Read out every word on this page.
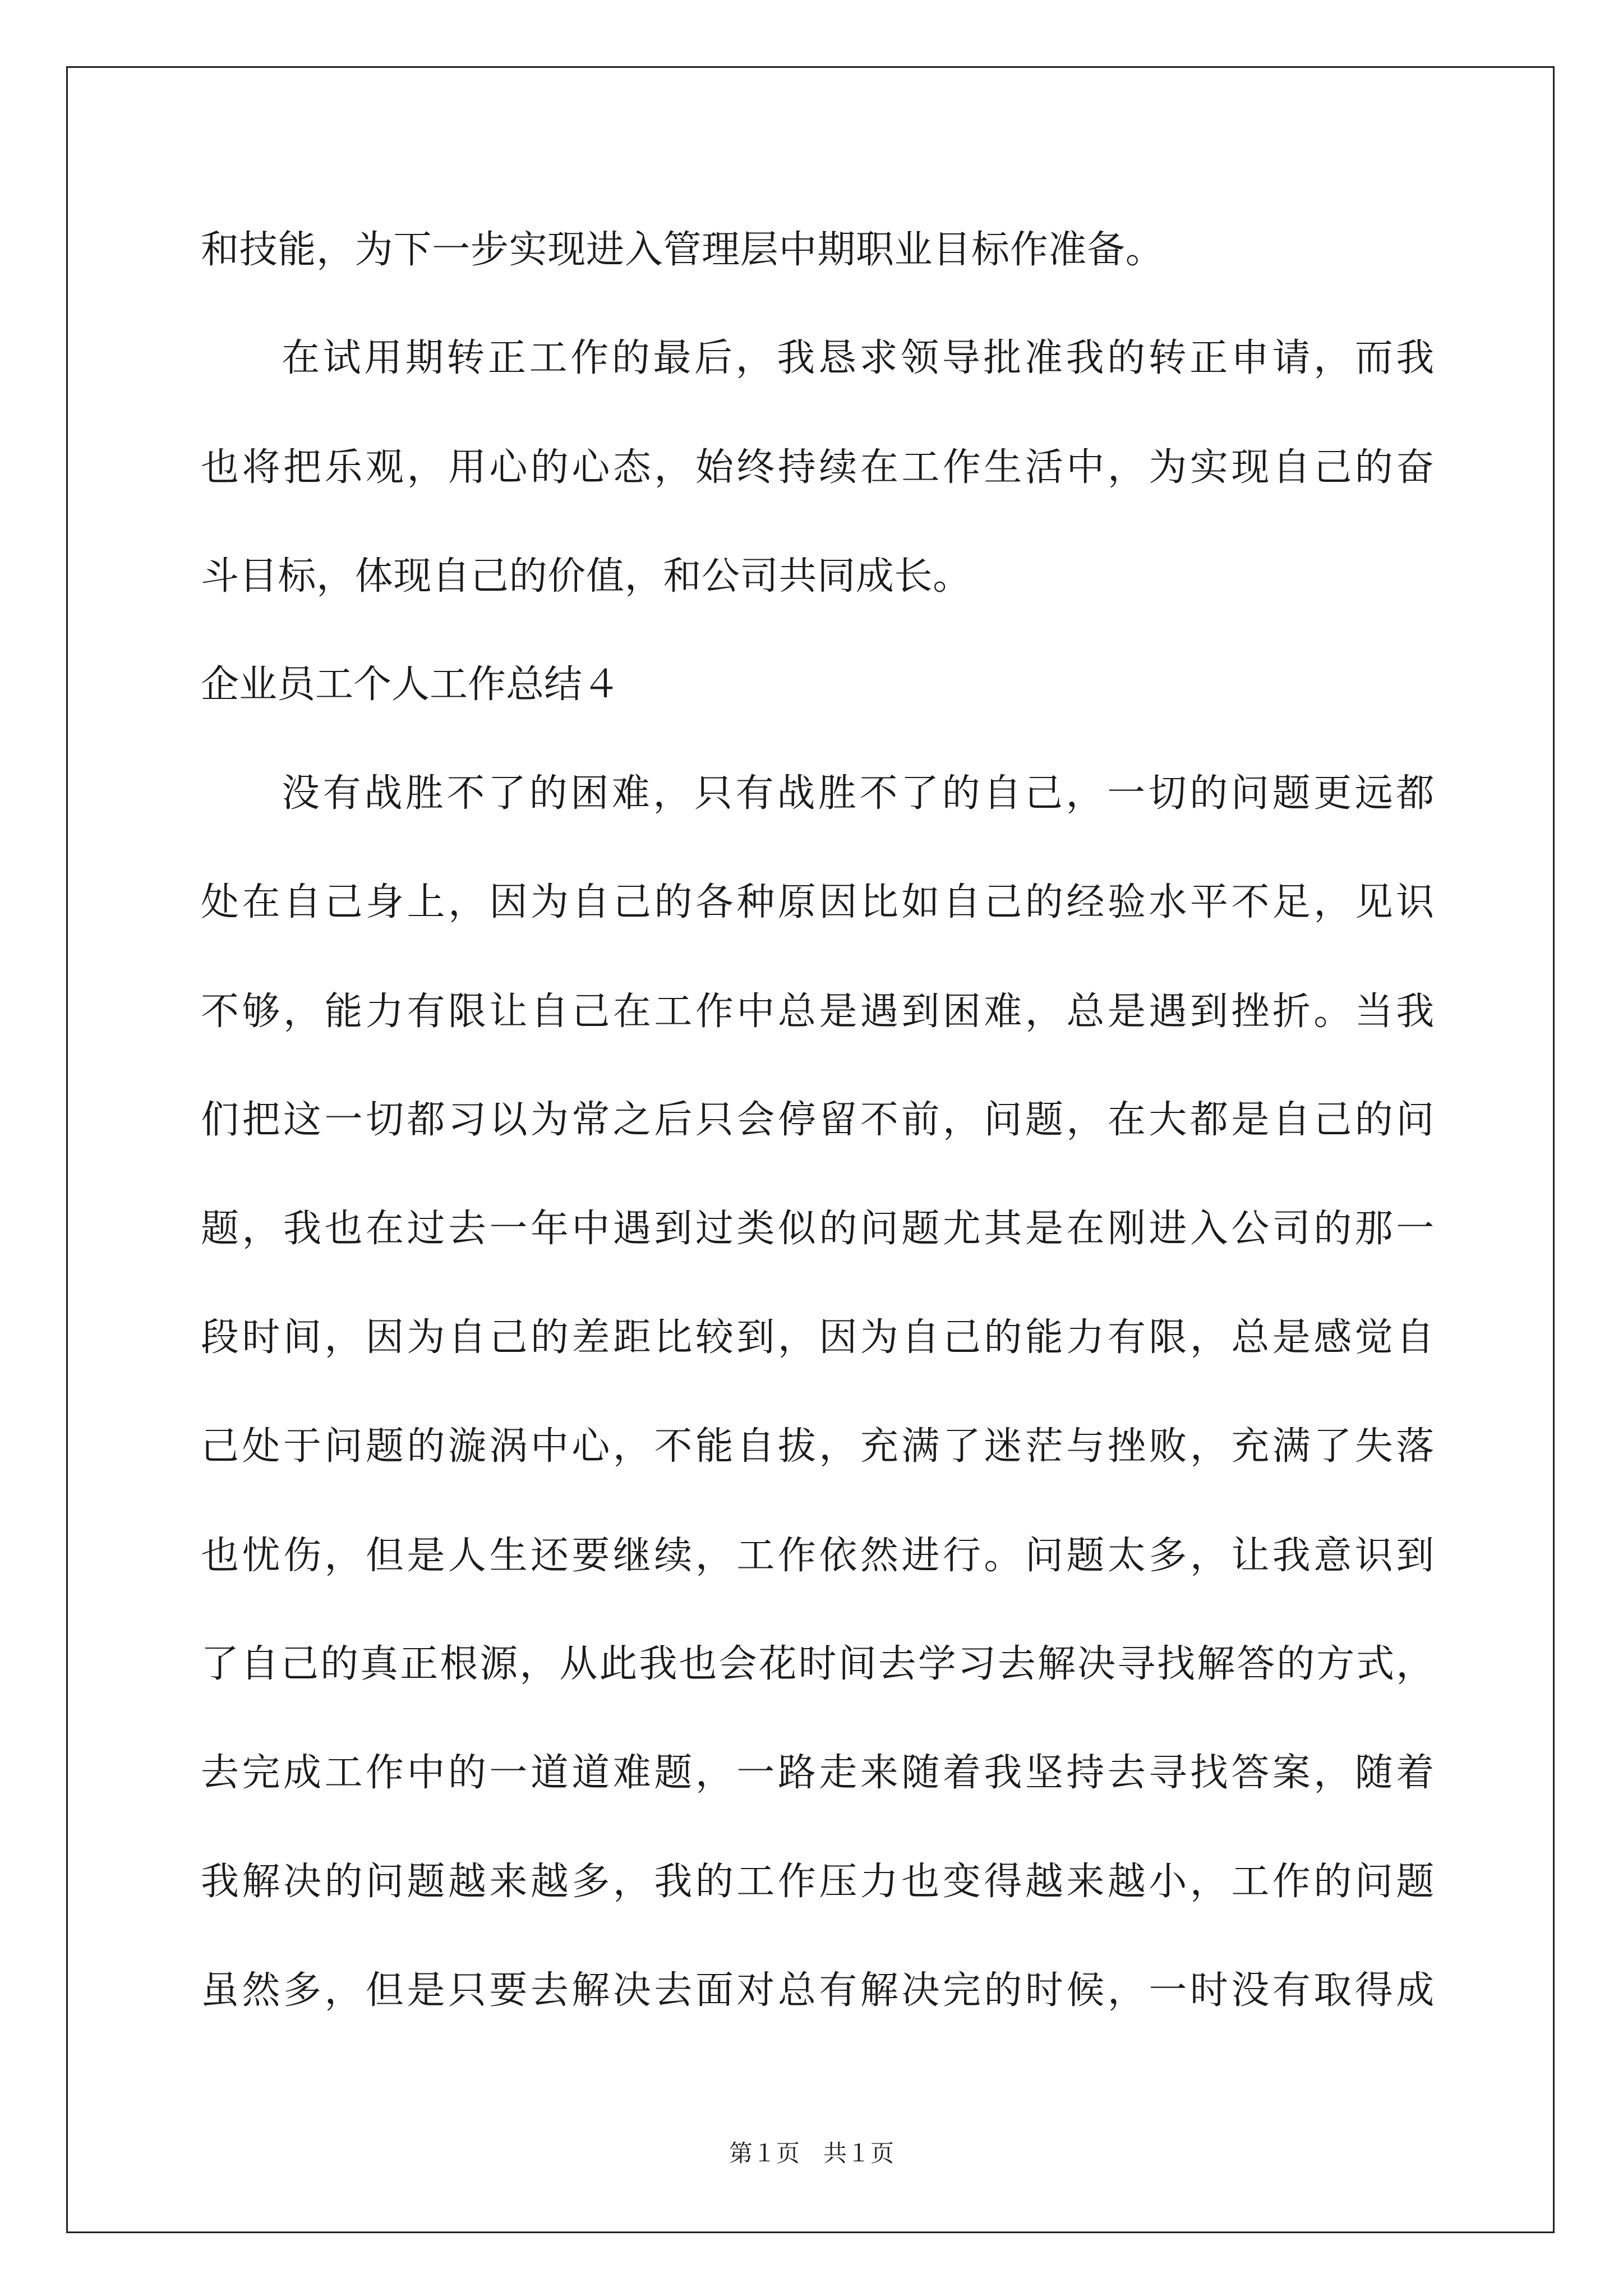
和技能，为下一步实现进入管理层中期职业目标作准备。
在试用期转正工作的最后，我恳求领导批准我的转正申请，而我
也将把乐观，用心的心态，始终持续在工作生活中，为实现自己的奋
斗目标，体现自己的价值，和公司共同成长。
企业员工个人工作总结４
没有战胜不了的困难，只有战胜不了的自己，一切的问题更远都
处在自己身上，因为自己的各种原因比如自己的经验水平不足，见识
不够，能力有限让自己在工作中总是遇到困难，总是遇到挫折。当我
们把这一切都习以为常之后只会停留不前，问题，在大都是自己的问
题，我也在过去一年中遇到过类似的问题尤其是在刚进入公司的那一
段时间，因为自己的差距比较到，因为自己的能力有限，总是感觉自
己处于问题的漩涡中心，不能自拔，充满了迷茫与挫败，充满了失落
也忧伤，但是人生还要继续，工作依然进行。问题太多，让我意识到
了自己的真正根源，从此我也会花时间去学习去解决寻找解答的方式，
去完成工作中的一道道难题，一路走来随着我坚持去寻找答案，随着
我解决的问题越来越多，我的工作压力也变得越来越小，工作的问题
虽然多，但是只要去解决去面对总有解决完的时候，一时没有取得成
第１页　共１页
